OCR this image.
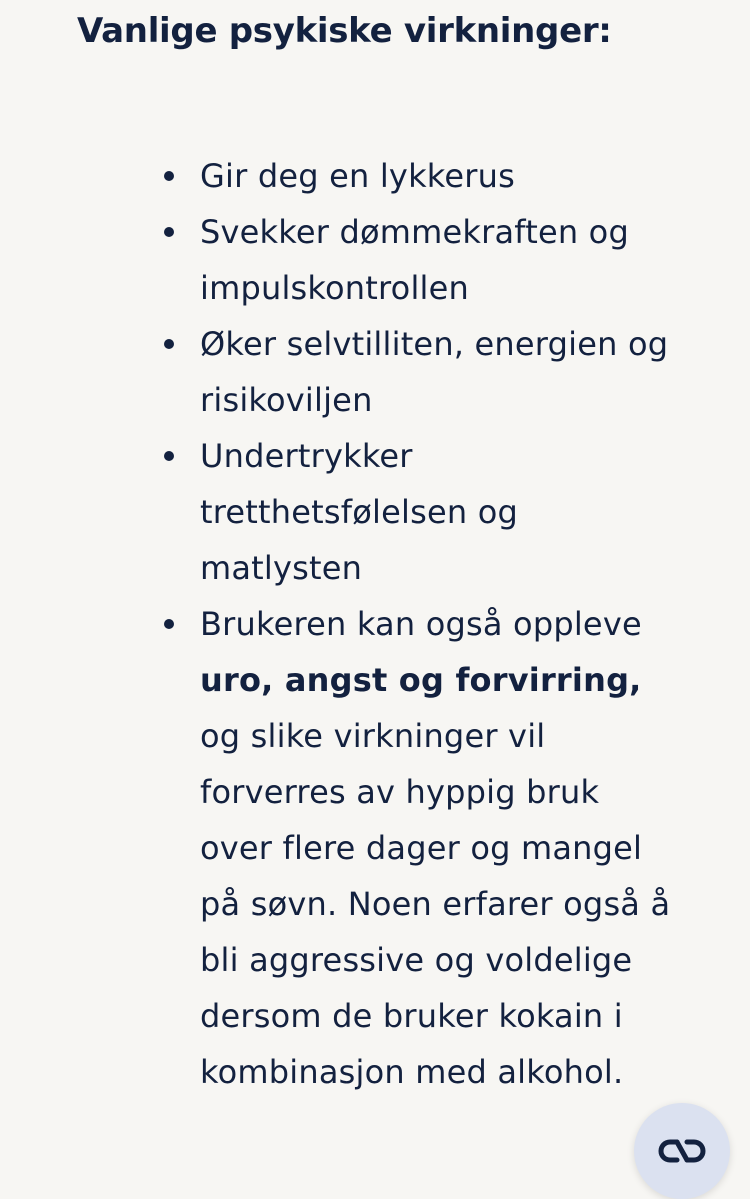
Vanlige psykiske virkninger:
Gir deg en lykkerus
Svekker dømmekraften og impulskontrollen
Øker selvtilliten, energien og risikoviljen
Undertrykker tretthetsfølelsen og matlysten
Brukeren kan også oppleve uro, angst og forvirring, og slike virkninger vil forverres av hyppig bruk over flere dager og mangel på søvn. Noen erfarer også å bli aggressive og voldelige dersom de bruker kokain i kombinasjon med alkohol.
